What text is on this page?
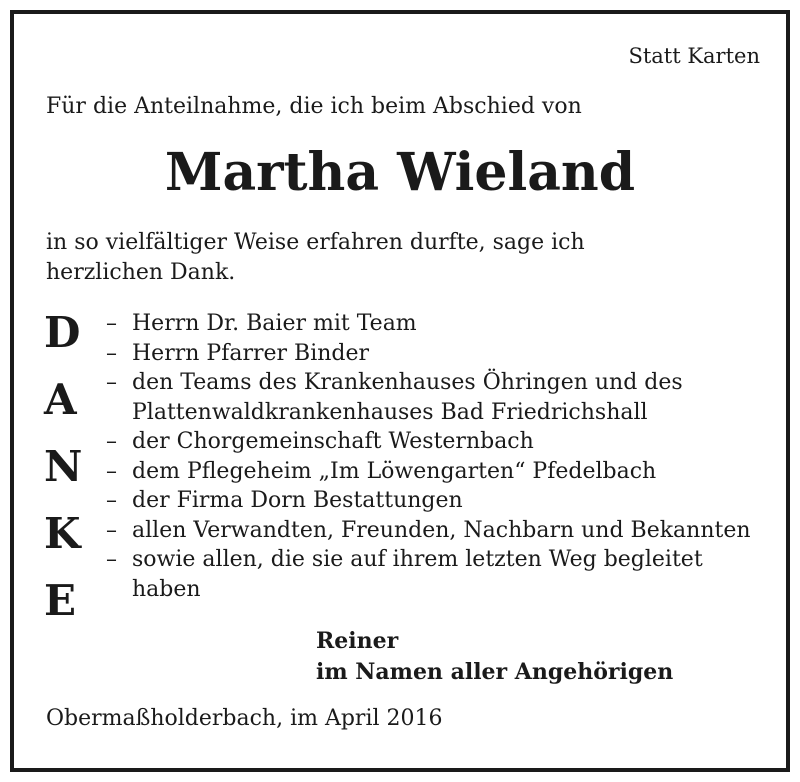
Statt Karten
Für die Anteilnahme, die ich beim Abschied von
Martha Wieland
in so vielfältiger Weise erfahren durfte, sage ich
herzlichen Dank.
D
A
N
K
E
– Herrn Dr. Baier mit Team
– Herrn Pfarrer Binder
– den Teams des Krankenhauses Öhringen und des
Plattenwaldkrankenhauses Bad Friedrichshall
– der Chorgemeinschaft Westernbach
– dem Pflegeheim „Im Löwengarten“ Pfedelbach
– der Firma Dorn Bestattungen
– allen Verwandten, Freunden, Nachbarn und Bekannten
– sowie allen, die sie auf ihrem letzten Weg begleitet
haben
Reiner
im Namen aller Angehörigen
Obermaßholderbach, im April 2016
